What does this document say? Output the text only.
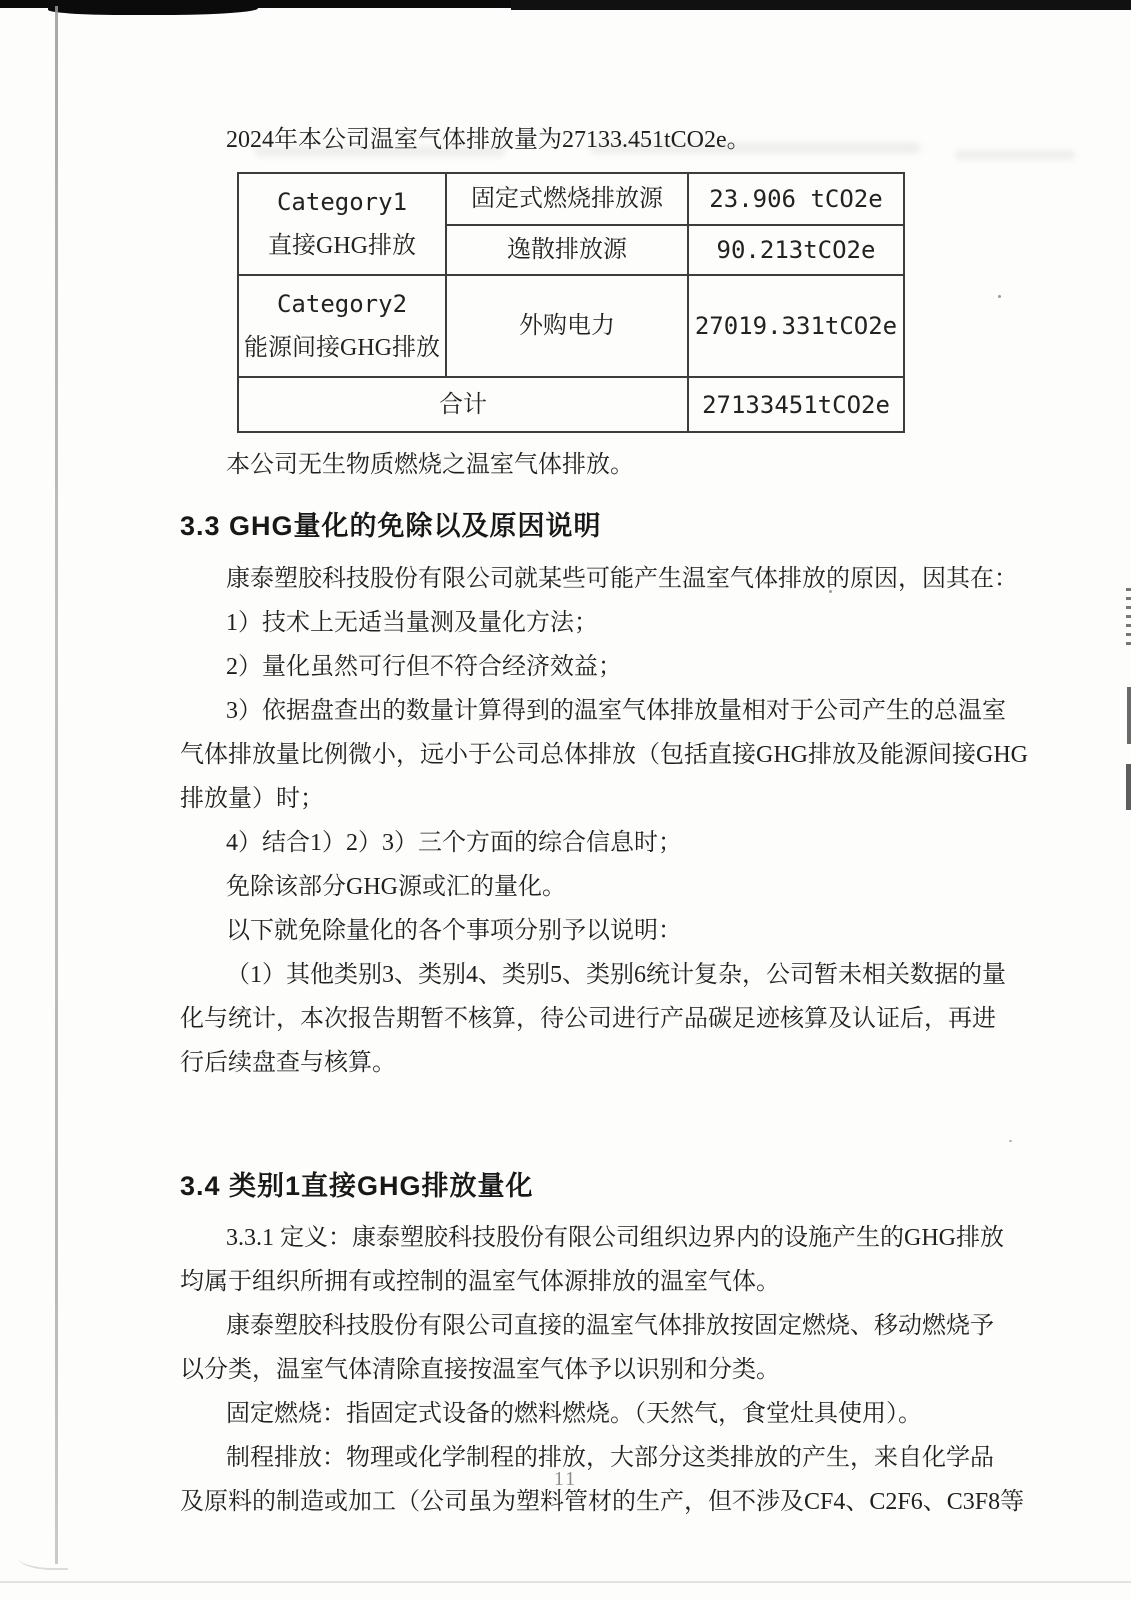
2024年本公司温室气体排放量为27133.451tCO2e。
Category1
直接GHG排放	固定式燃烧排放源	23.906 tCO2e
	逸散排放源	90.213tCO2e

Category2
能源间接GHG排放	外购电力	27019.331tCO2e
合计		27133451tCO2e
本公司无生物质燃烧之温室气体排放。
3.3 GHG量化的免除以及原因说明
康泰塑胶科技股份有限公司就某些可能产生温室气体排放的原因，因其在：
1）技术上无适当量测及量化方法；
2）量化虽然可行但不符合经济效益；
3）依据盘查出的数量计算得到的温室气体排放量相对于公司产生的总温室
气体排放量比例微小，远小于公司总体排放（包括直接GHG排放及能源间接GHG
排放量）时；
4）结合1）2）3）三个方面的综合信息时；
免除该部分GHG源或汇的量化。
以下就免除量化的各个事项分别予以说明：
（1）其他类别3、类别4、类别5、类别6统计复杂，公司暂未相关数据的量
化与统计，本次报告期暂不核算，待公司进行产品碳足迹核算及认证后，再进
行后续盘查与核算。
3.4 类别1直接GHG排放量化
3.3.1 定义：康泰塑胶科技股份有限公司组织边界内的设施产生的GHG排放
均属于组织所拥有或控制的温室气体源排放的温室气体。
康泰塑胶科技股份有限公司直接的温室气体排放按固定燃烧、移动燃烧予
以分类，温室气体清除直接按温室气体予以识别和分类。
固定燃烧：指固定式设备的燃料燃烧。（天然气，食堂灶具使用）。
制程排放：物理或化学制程的排放，大部分这类排放的产生，来自化学品
及原料的制造或加工（公司虽为塑料管材的生产，但不涉及CF4、C2F6、C3F8等
11
